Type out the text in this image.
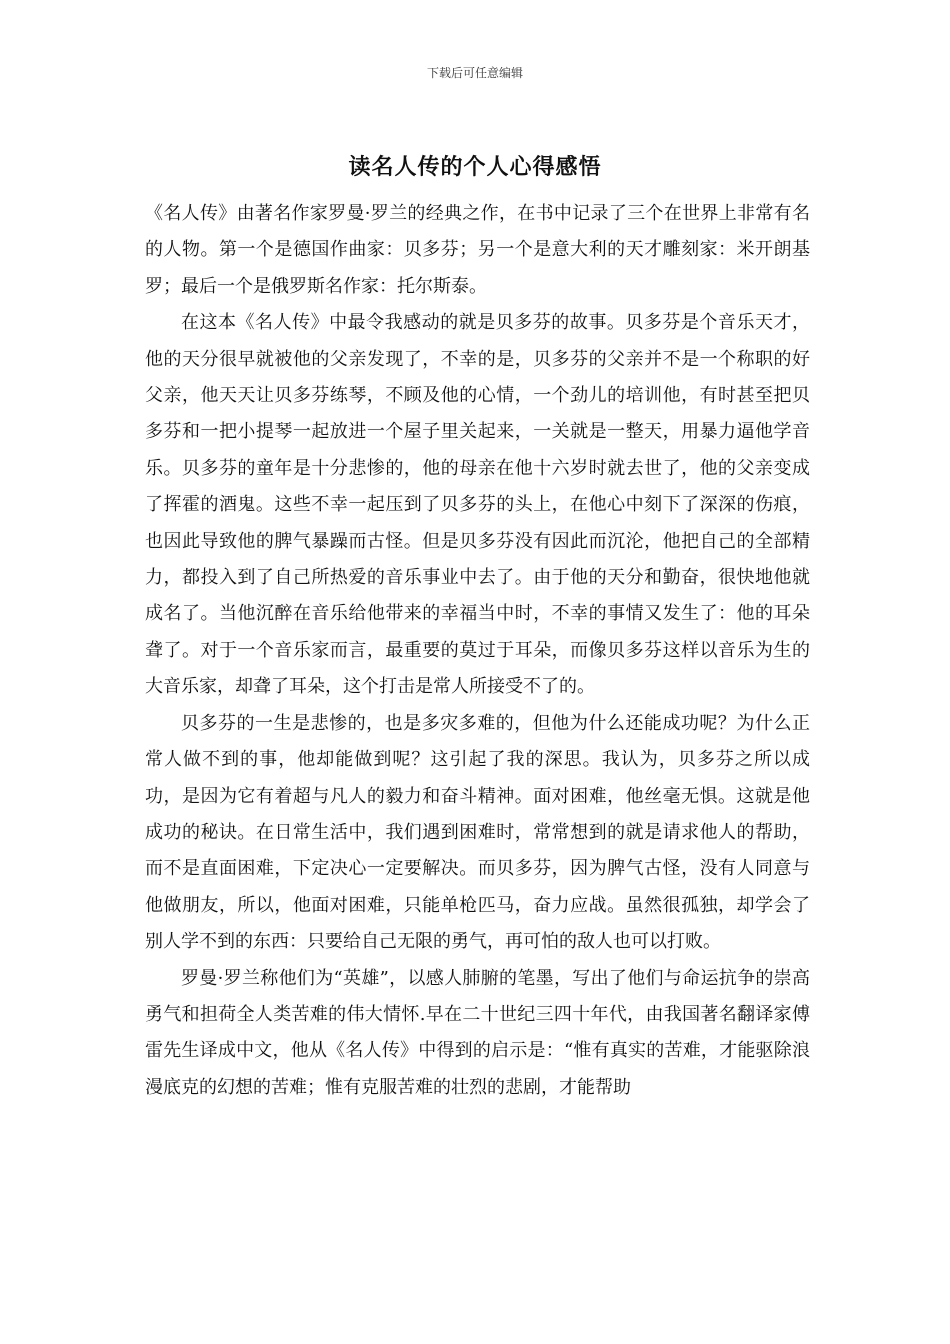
下载后可任意编辑
读名人传的个人心得感悟

《名人传》由著名作家罗曼·罗兰的经典之作，在书中记录了三个在世界上非常有名的人物。第一个是德国作曲家：贝多芬；另一个是意大利的天才雕刻家：米开朗基罗；最后一个是俄罗斯名作家：托尔斯泰。

在这本《名人传》中最令我感动的就是贝多芬的故事。贝多芬是个音乐天才，他的天分很早就被他的父亲发现了，不幸的是，贝多芬的父亲并不是一个称职的好父亲，他天天让贝多芬练琴，不顾及他的心情，一个劲儿的培训他，有时甚至把贝多芬和一把小提琴一起放进一个屋子里关起来，一关就是一整天，用暴力逼他学音乐。贝多芬的童年是十分悲惨的，他的母亲在他十六岁时就去世了，他的父亲变成了挥霍的酒鬼。这些不幸一起压到了贝多芬的头上，在他心中刻下了深深的伤痕，也因此导致他的脾气暴躁而古怪。但是贝多芬没有因此而沉沦，他把自己的全部精力，都投入到了自己所热爱的音乐事业中去了。由于他的天分和勤奋，很快地他就成名了。当他沉醉在音乐给他带来的幸福当中时，不幸的事情又发生了：他的耳朵聋了。对于一个音乐家而言，最重要的莫过于耳朵，而像贝多芬这样以音乐为生的大音乐家，却聋了耳朵，这个打击是常人所接受不了的。

贝多芬的一生是悲惨的，也是多灾多难的，但他为什么还能成功呢？为什么正常人做不到的事，他却能做到呢？这引起了我的深思。我认为，贝多芬之所以成功，是因为它有着超与凡人的毅力和奋斗精神。面对困难，他丝毫无惧。这就是他成功的秘诀。在日常生活中，我们遇到困难时，常常想到的就是请求他人的帮助，而不是直面困难，下定决心一定要解决。而贝多芬，因为脾气古怪，没有人同意与他做朋友，所以，他面对困难，只能单枪匹马，奋力应战。虽然很孤独，却学会了别人学不到的东西：只要给自己无限的勇气，再可怕的敌人也可以打败。

罗曼·罗兰称他们为“英雄”，以感人肺腑的笔墨，写出了他们与命运抗争的崇高勇气和担荷全人类苦难的伟大情怀.早在二十世纪三四十年代，由我国著名翻译家傅雷先生译成中文，他从《名人传》中得到的启示是：“惟有真实的苦难，才能驱除浪漫底克的幻想的苦难；惟有克服苦难的壮烈的悲剧，才能帮助
